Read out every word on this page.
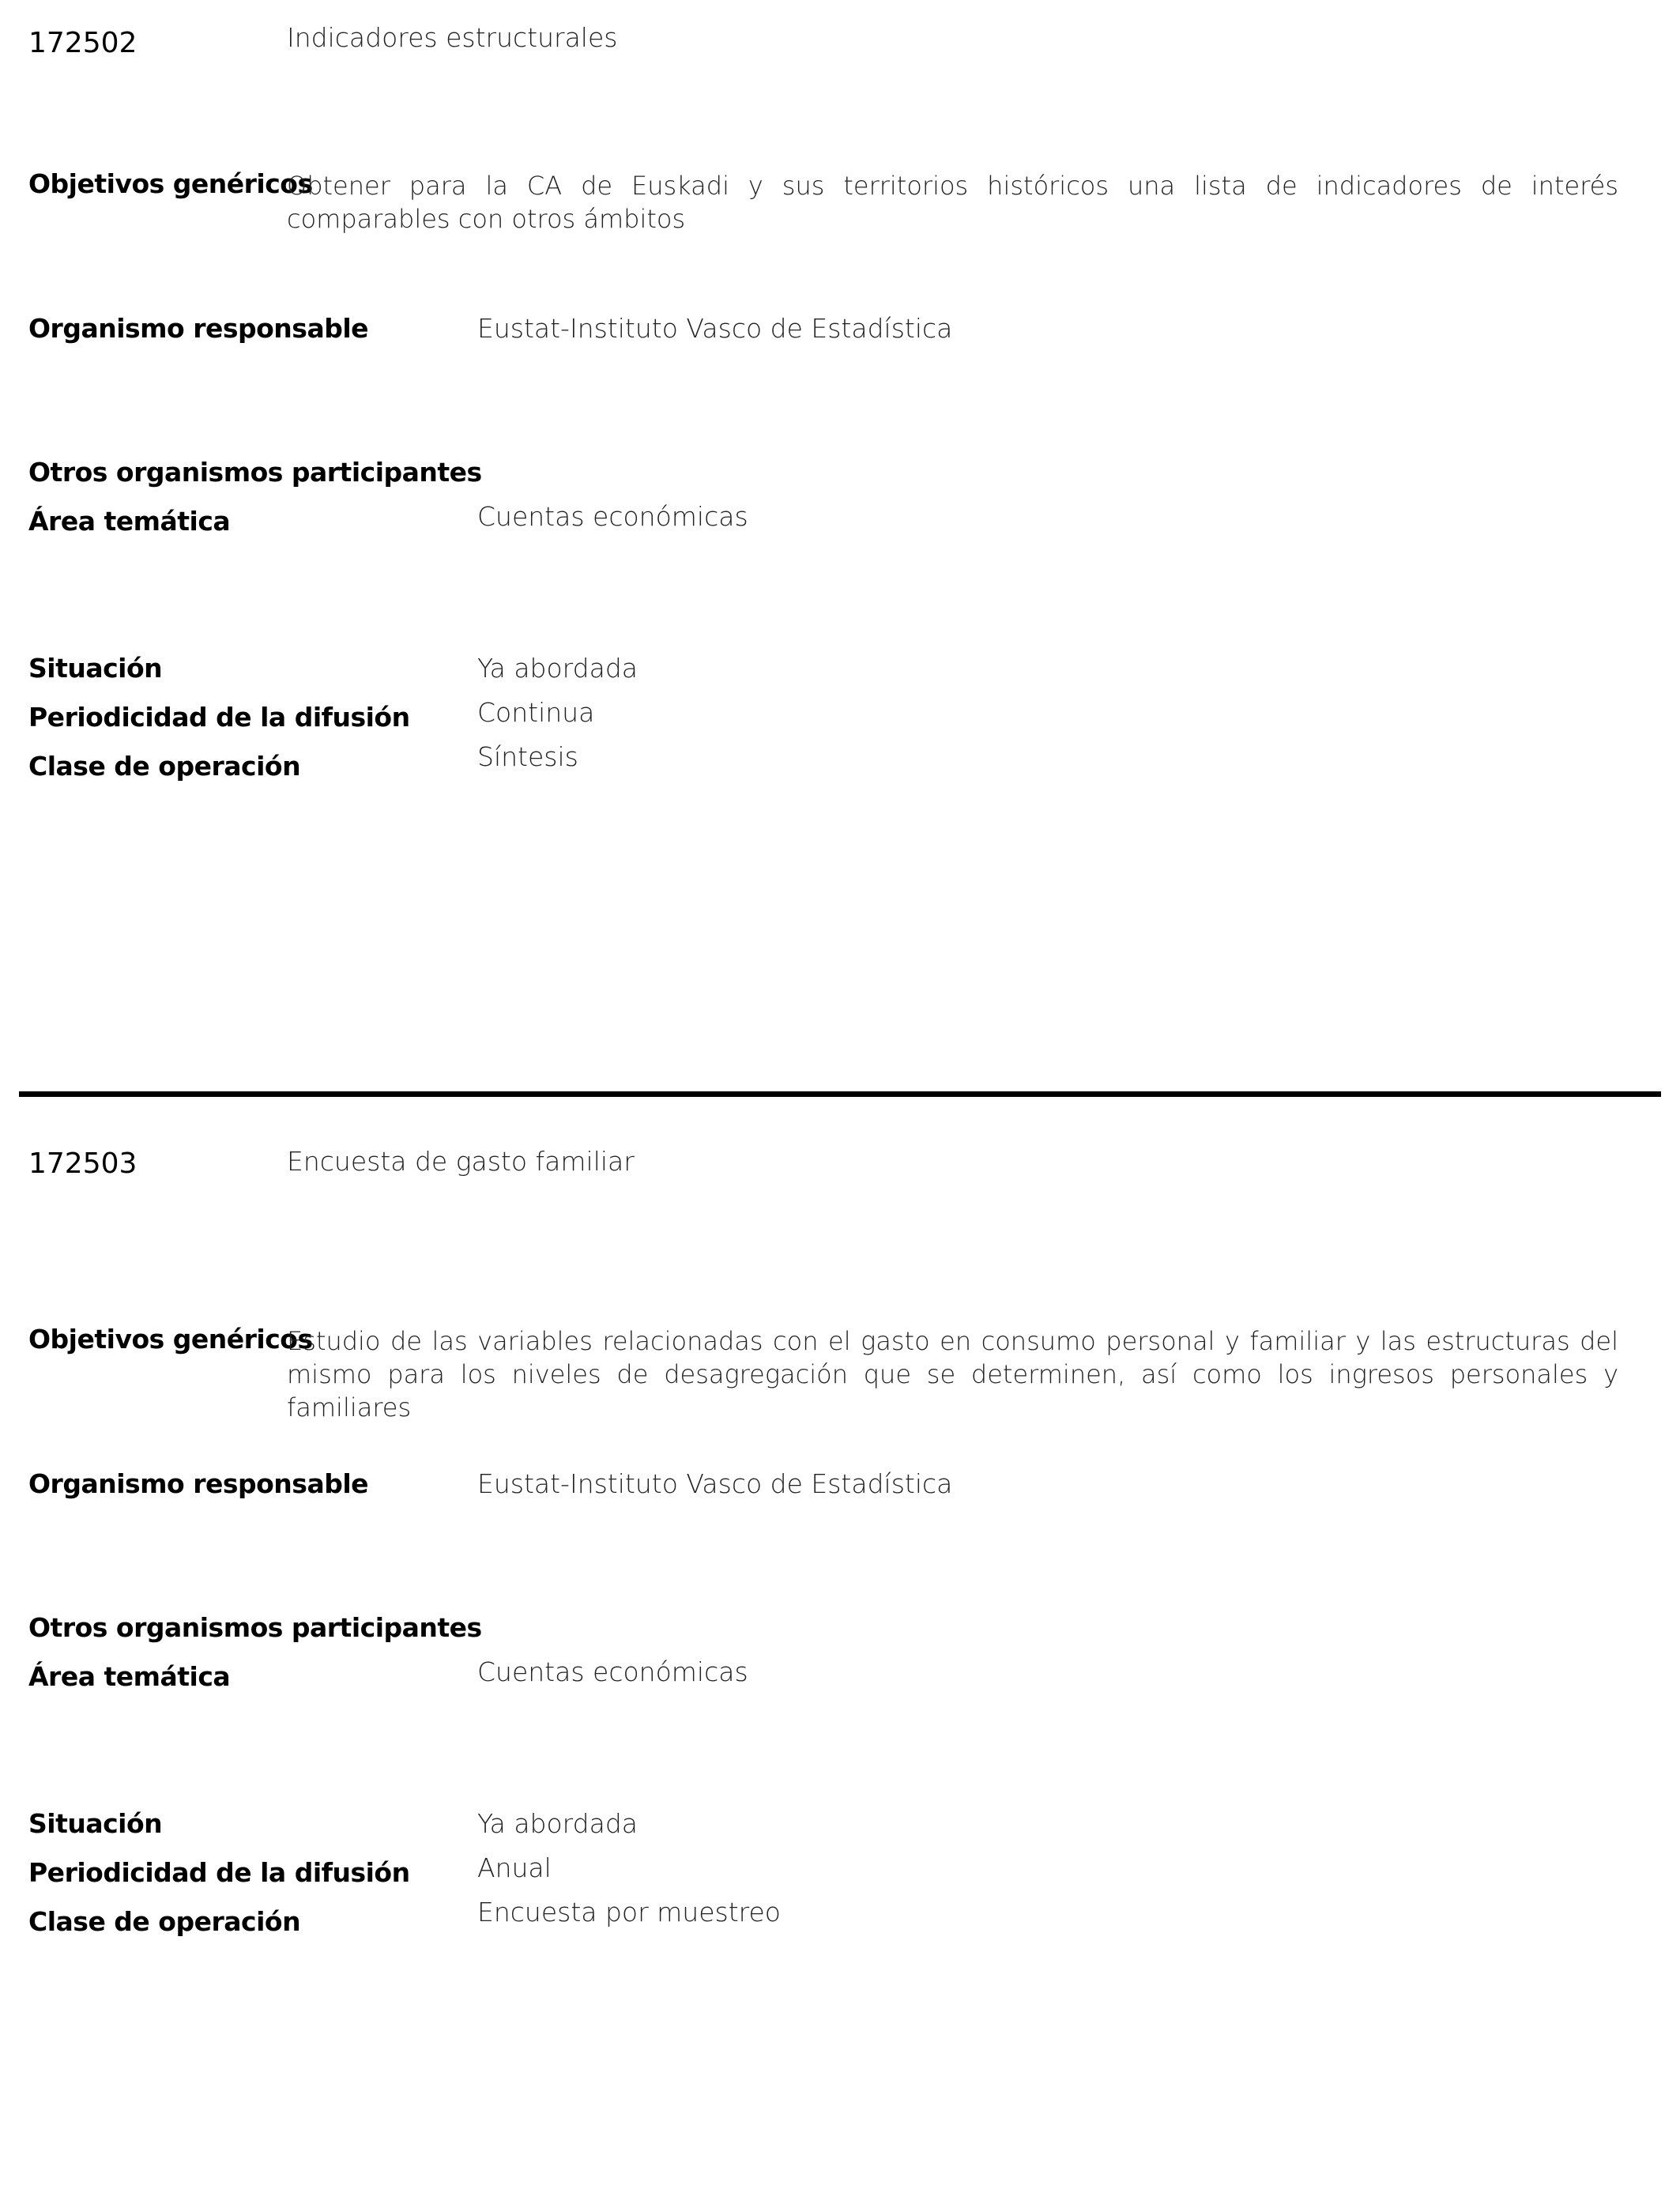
172502	Indicadores estructurales
Objetivos genéricos
Obtener para la CA de Euskadi y sus territorios históricos una lista de indicadores de interés comparables con otros ámbitos
Organismo responsable	Eustat-Instituto Vasco de Estadística
Otros organismos participantes
Área temática	Cuentas económicas
Situación	Ya abordada
Periodicidad de la difusión	Continua
Clase de operación	Síntesis
172503	Encuesta de gasto familiar
Objetivos genéricos
Estudio de las variables relacionadas con el gasto en consumo personal y familiar y las estructuras del mismo para los niveles de desagregación que se determinen, así como los ingresos personales y familiares
Organismo responsable	Eustat-Instituto Vasco de Estadística
Otros organismos participantes
Área temática	Cuentas económicas
Situación	Ya abordada
Periodicidad de la difusión	Anual
Clase de operación	Encuesta por muestreo
